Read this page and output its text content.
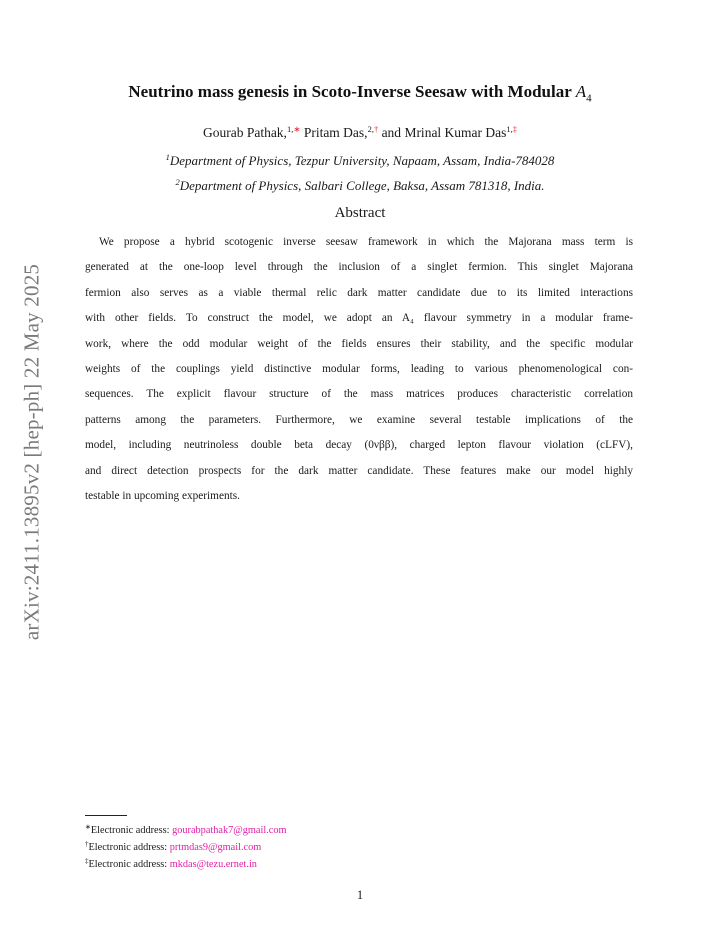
arXiv:2411.13895v2 [hep-ph] 22 May 2025
Neutrino mass genesis in Scoto-Inverse Seesaw with Modular $A_4$
Gourab Pathak,$^{1,∗}$ Pritam Das,$^{2,\dagger}$ and Mrinal Kumar Das$^{1,\ddagger}$
$^1$Department of Physics, Tezpur University, Napaam, Assam, India-784028
$^2$Department of Physics, Salbari College, Baksa, Assam 781318, India.
Abstract
We propose a hybrid scotogenic inverse seesaw framework in which the Majorana mass term is
generated at the one-loop level through the inclusion of a singlet fermion. This singlet Majorana
fermion also serves as a viable thermal relic dark matter candidate due to its limited interactions
with other fields. To construct the model, we adopt an A₄ flavour symmetry in a modular frame-
work, where the odd modular weight of the fields ensures their stability, and the specific modular
weights of the couplings yield distinctive modular forms, leading to various phenomenological con-
sequences. The explicit flavour structure of the mass matrices produces characteristic correlation
patterns among the parameters. Furthermore, we examine several testable implications of the
model, including neutrinoless double beta decay (0νββ), charged lepton flavour violation (cLFV),
and direct detection prospects for the dark matter candidate. These features make our model highly
testable in upcoming experiments.
∗Electronic address: gourabpathak7@gmail.com
†Electronic address: prtmdas9@gmail.com
‡Electronic address: mkdas@tezu.ernet.in
1
